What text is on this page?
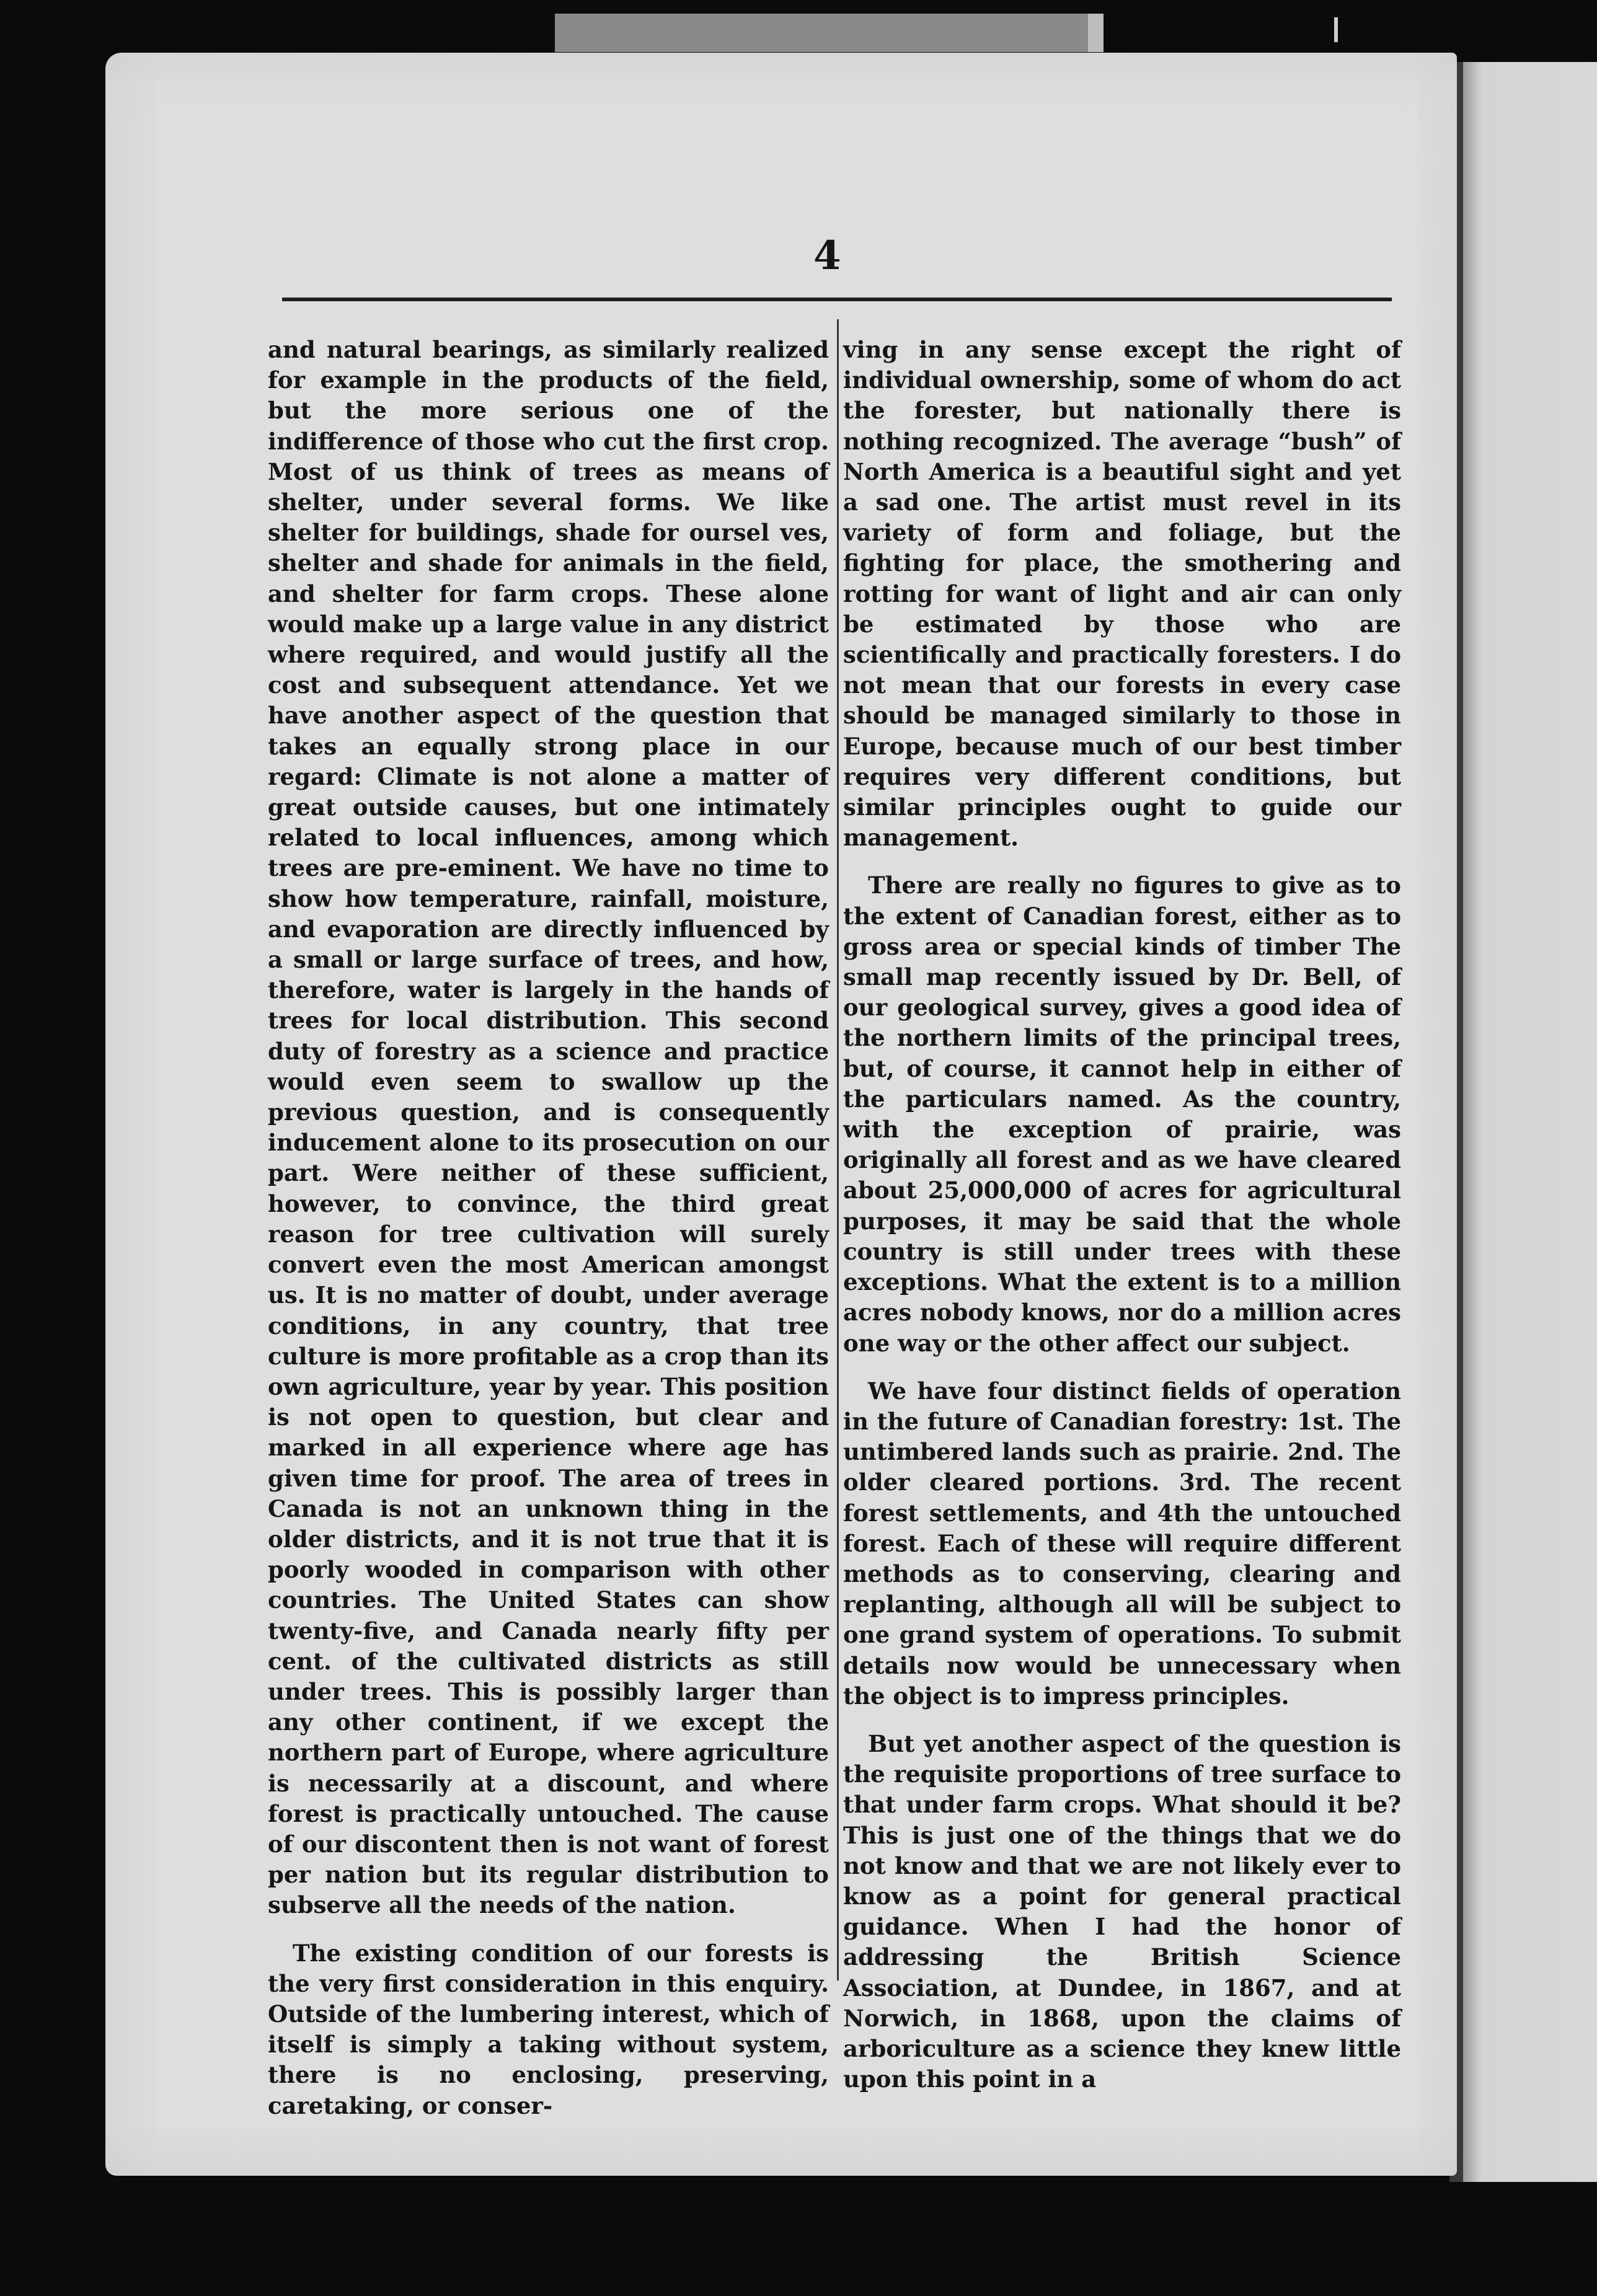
4

and natural bearings, as similarly realized for example in the products of the field, but the more serious one of the indifference of those who cut the first crop. Most of us think of trees as means of shelter, under several forms. We like shelter for buildings, shade for oursel ves, shelter and shade for animals in the field, and shelter for farm crops. These alone would make up a large value in any district where required, and would justify all the cost and subsequent attendance. Yet we have another aspect of the question that takes an equally strong place in our regard: Climate is not alone a matter of great outside causes, but one intimately related to local influences, among which trees are pre-eminent. We have no time to show how temperature, rainfall, moisture, and evaporation are directly influenced by a small or large surface of trees, and how, therefore, water is largely in the hands of trees for local distribution. This second duty of forestry as a science and practice would even seem to swallow up the previous question, and is consequently inducement alone to its prosecution on our part. Were neither of these sufficient, however, to convince, the third great reason for tree cultivation will surely convert even the most American amongst us. It is no matter of doubt, under average conditions, in any country, that tree culture is more profitable as a crop than its own agriculture, year by year. This position is not open to question, but clear and marked in all experience where age has given time for proof. The area of trees in Canada is not an unknown thing in the older districts, and it is not true that it is poorly wooded in comparison with other countries. The United States can show twenty-five, and Canada nearly fifty per cent. of the cultivated districts as still under trees. This is possibly larger than any other continent, if we except the northern part of Europe, where agriculture is necessarily at a discount, and where forest is practically untouched. The cause of our discontent then is not want of forest per nation but its regular distribution to subserve all the needs of the nation.

The existing condition of our forests is the very first consideration in this enquiry. Outside of the lumbering interest, which of itself is simply a taking without system, there is no enclosing, preserving, caretaking, or conser-

ving in any sense except the right of individual ownership, some of whom do act the forester, but nationally there is nothing recognized. The average “bush” of North America is a beautiful sight and yet a sad one. The artist must revel in its variety of form and foliage, but the fighting for place, the smothering and rotting for want of light and air can only be estimated by those who are scientifically and practically foresters. I do not mean that our forests in every case should be managed similarly to those in Europe, because much of our best timber requires very different conditions, but similar principles ought to guide our management.

There are really no figures to give as to the extent of Canadian forest, either as to gross area or special kinds of timber The small map recently issued by Dr. Bell, of our geological survey, gives a good idea of the northern limits of the principal trees, but, of course, it cannot help in either of the particulars named. As the country, with the exception of prairie, was originally all forest and as we have cleared about 25,000,000 of acres for agricultural purposes, it may be said that the whole country is still under trees with these exceptions. What the extent is to a million acres nobody knows, nor do a million acres one way or the other affect our subject.

We have four distinct fields of operation in the future of Canadian forestry: 1st. The untimbered lands such as prairie. 2nd. The older cleared portions. 3rd. The recent forest settlements, and 4th the untouched forest. Each of these will require different methods as to conserving, clearing and replanting, although all will be subject to one grand system of operations. To submit details now would be unnecessary when the object is to impress principles.

But yet another aspect of the question is the requisite proportions of tree surface to that under farm crops. What should it be? This is just one of the things that we do not know and that we are not likely ever to know as a point for general practical guidance. When I had the honor of addressing the British Science Association, at Dundee, in 1867, and at Norwich, in 1868, upon the claims of arboriculture as a science they knew little upon this point in a
